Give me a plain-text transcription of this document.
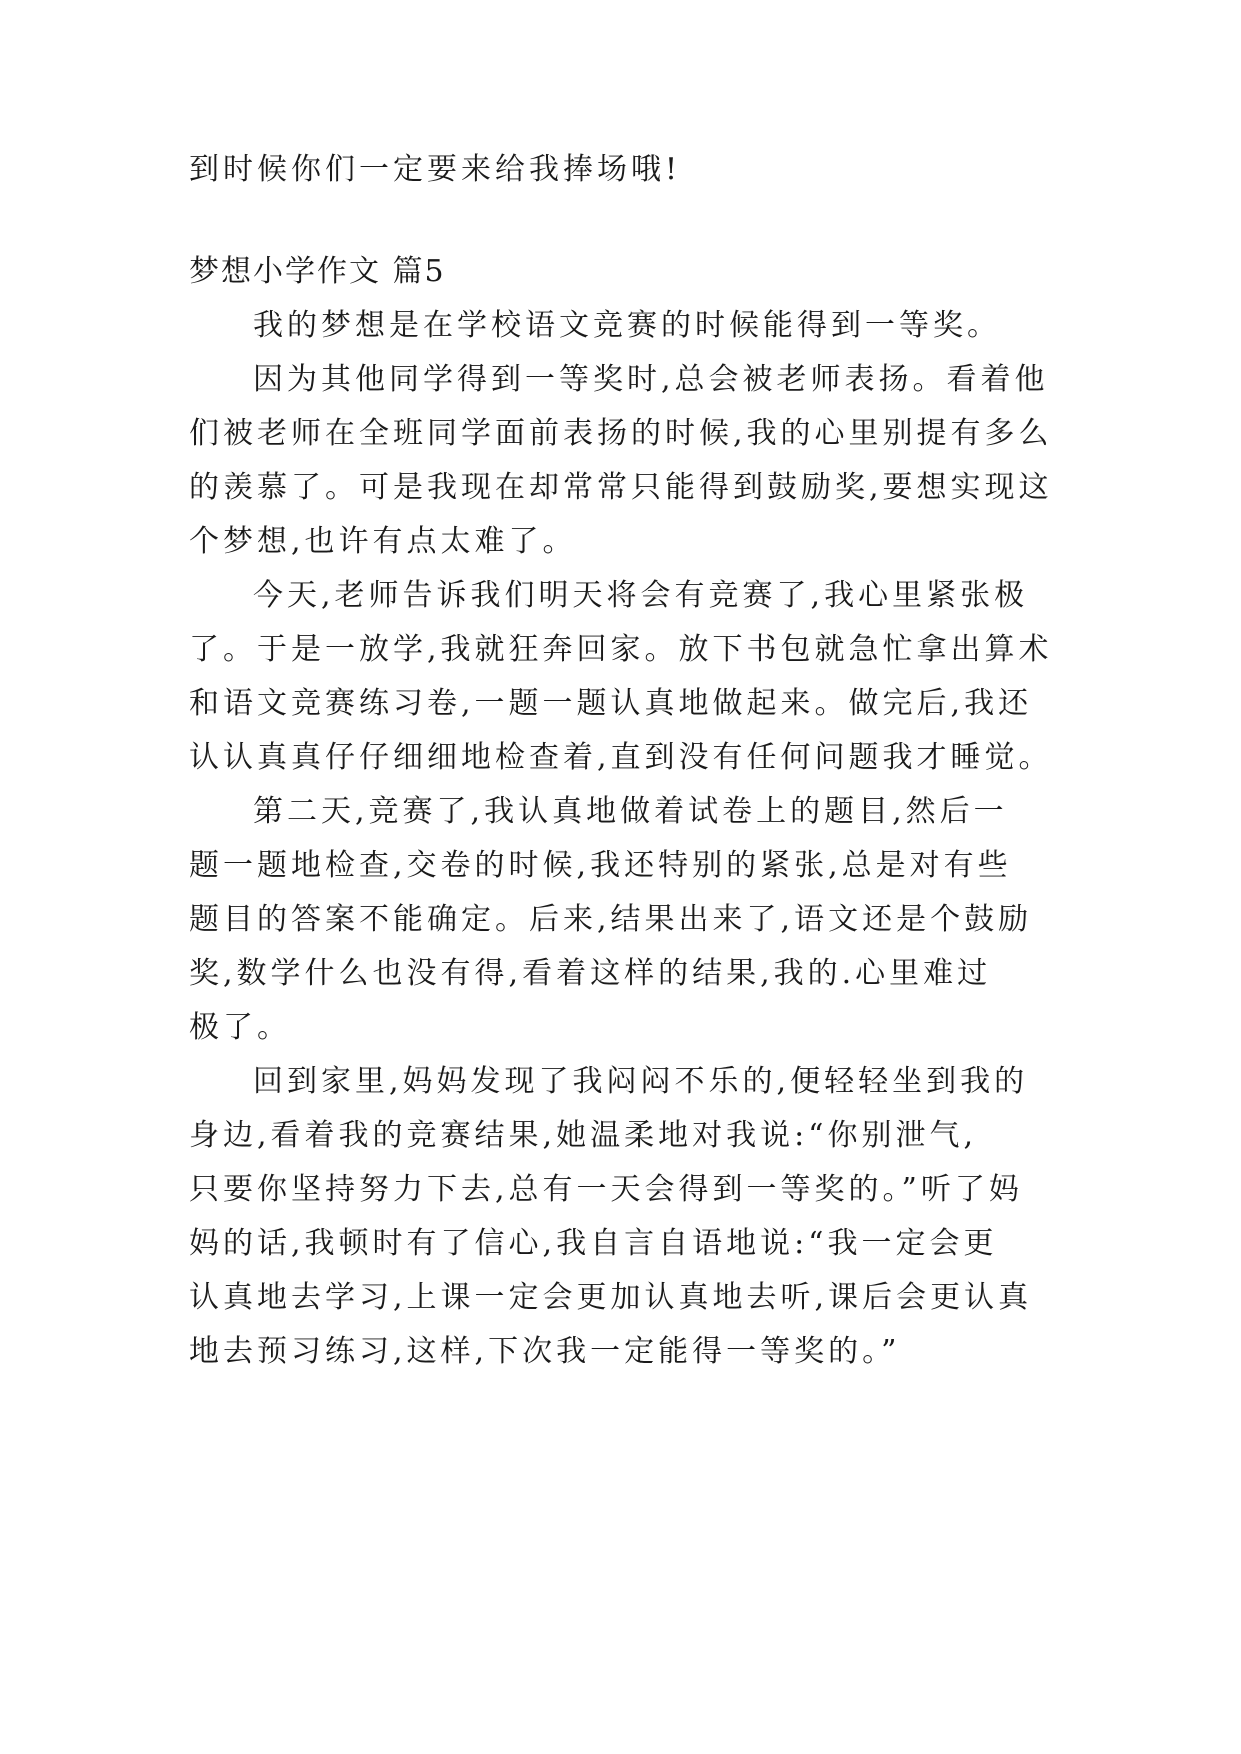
到时候你们一定要来给我捧场哦!
梦想小学作文 篇5
我的梦想是在学校语文竞赛的时候能得到一等奖。
因为其他同学得到一等奖时,总会被老师表扬。看着他
们被老师在全班同学面前表扬的时候,我的心里别提有多么
的羡慕了。可是我现在却常常只能得到鼓励奖,要想实现这
个梦想,也许有点太难了。
今天,老师告诉我们明天将会有竞赛了,我心里紧张极
了。于是一放学,我就狂奔回家。放下书包就急忙拿出算术
和语文竞赛练习卷,一题一题认真地做起来。做完后,我还
认认真真仔仔细细地检查着,直到没有任何问题我才睡觉。
第二天,竞赛了,我认真地做着试卷上的题目,然后一
题一题地检查,交卷的时候,我还特别的紧张,总是对有些
题目的答案不能确定。后来,结果出来了,语文还是个鼓励
奖,数学什么也没有得,看着这样的结果,我的.心里难过
极了。
回到家里,妈妈发现了我闷闷不乐的,便轻轻坐到我的
身边,看着我的竞赛结果,她温柔地对我说:“你别泄气,
只要你坚持努力下去,总有一天会得到一等奖的。”听了妈
妈的话,我顿时有了信心,我自言自语地说:“我一定会更
认真地去学习,上课一定会更加认真地去听,课后会更认真
地去预习练习,这样,下次我一定能得一等奖的。”
